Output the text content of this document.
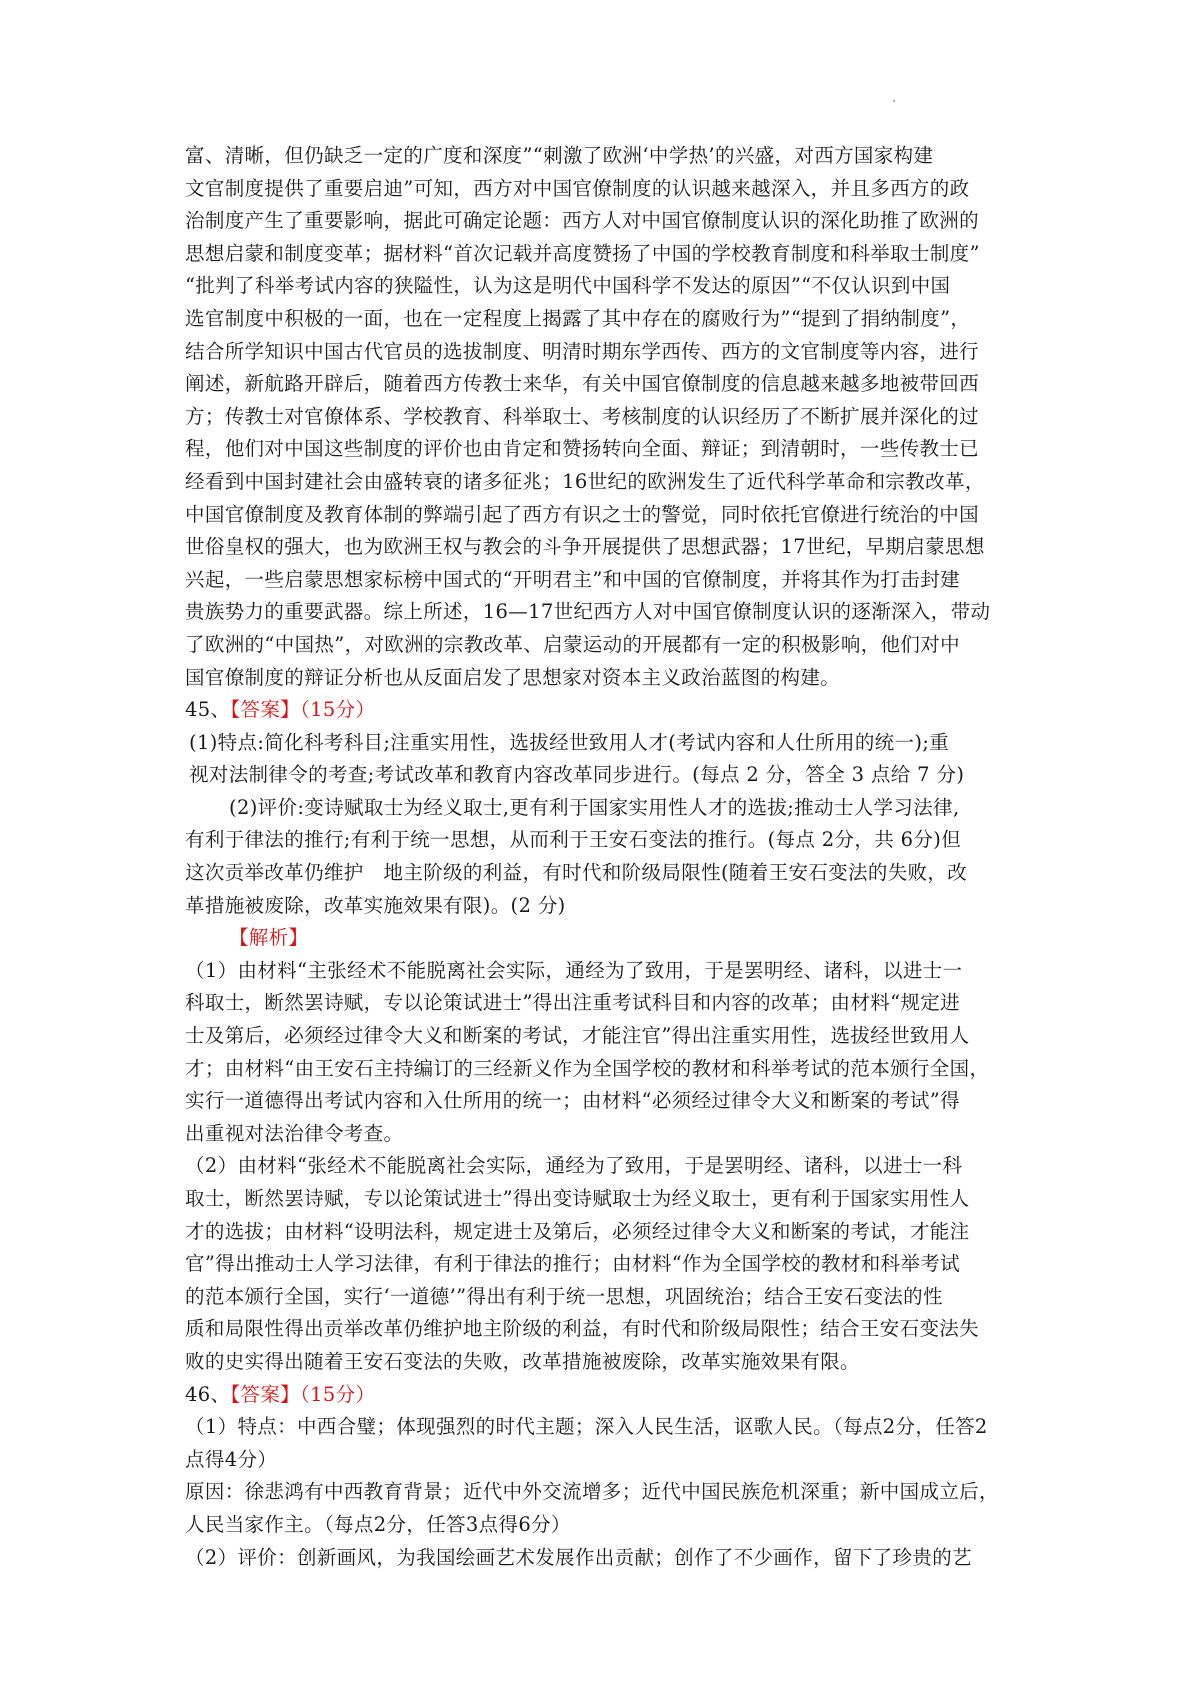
富、清晰，但仍缺乏一定的广度和深度”“刺激了欧洲‘中学热’的兴盛，对西方国家构建
文官制度提供了重要启迪”可知，西方对中国官僚制度的认识越来越深入，并且多西方的政
治制度产生了重要影响，据此可确定论题：西方人对中国官僚制度认识的深化助推了欧洲的
思想启蒙和制度变革；据材料“首次记载并高度赞扬了中国的学校教育制度和科举取士制度”
“批判了科举考试内容的狭隘性，认为这是明代中国科学不发达的原因”“不仅认识到中国
选官制度中积极的一面，也在一定程度上揭露了其中存在的腐败行为”“提到了捐纳制度”，
结合所学知识中国古代官员的选拔制度、明清时期东学西传、西方的文官制度等内容，进行
阐述，新航路开辟后，随着西方传教士来华，有关中国官僚制度的信息越来越多地被带回西
方；传教士对官僚体系、学校教育、科举取士、考核制度的认识经历了不断扩展并深化的过
程，他们对中国这些制度的评价也由肯定和赞扬转向全面、辩证；到清朝时，一些传教士已
经看到中国封建社会由盛转衰的诸多征兆；16世纪的欧洲发生了近代科学革命和宗教改革，
中国官僚制度及教育体制的弊端引起了西方有识之士的警觉，同时依托官僚进行统治的中国
世俗皇权的强大，也为欧洲王权与教会的斗争开展提供了思想武器；17世纪，早期启蒙思想
兴起，一些启蒙思想家标榜中国式的“开明君主”和中国的官僚制度，并将其作为打击封建
贵族势力的重要武器。综上所述，16—17世纪西方人对中国官僚制度认识的逐渐深入，带动
了欧洲的“中国热”，对欧洲的宗教改革、启蒙运动的开展都有一定的积极影响，他们对中
国官僚制度的辩证分析也从反面启发了思想家对资本主义政治蓝图的构建。
45、【答案】（15分）
(1)特点:简化科考科目;注重实用性，选拔经世致用人才(考试内容和人仕所用的统一);重
视对法制律令的考查;考试改革和教育内容改革同步进行。(每点 2 分，答全 3 点给 7 分)
(2)评价:变诗赋取士为经义取士,更有利于国家实用性人才的选拔;推动士人学习法律,
有利于律法的推行;有利于统一思想，从而利于王安石变法的推行。(每点 2分，共 6分)但
这次贡举改革仍维护　地主阶级的利益，有时代和阶级局限性(随着王安石变法的失败，改
革措施被废除，改革实施效果有限)。(2 分)
【解析】
（1）由材料“主张经术不能脱离社会实际，通经为了致用，于是罢明经、诸科，以进士一
科取士，断然罢诗赋，专以论策试进士”得出注重考试科目和内容的改革；由材料“规定进
士及第后，必须经过律令大义和断案的考试，才能注官”得出注重实用性，选拔经世致用人
才；由材料“由王安石主持编订的三经新义作为全国学校的教材和科举考试的范本颁行全国，
实行一道德得出考试内容和入仕所用的统一；由材料“必须经过律令大义和断案的考试”得
出重视对法治律令考查。
（2）由材料“张经术不能脱离社会实际，通经为了致用，于是罢明经、诸科，以进士一科
取士，断然罢诗赋，专以论策试进士”得出变诗赋取士为经义取士，更有利于国家实用性人
才的选拔；由材料“设明法科，规定进士及第后，必须经过律令大义和断案的考试，才能注
官”得出推动士人学习法律，有利于律法的推行；由材料“作为全国学校的教材和科举考试
的范本颁行全国，实行‘一道德’”得出有利于统一思想，巩固统治；结合王安石变法的性
质和局限性得出贡举改革仍维护地主阶级的利益，有时代和阶级局限性；结合王安石变法失
败的史实得出随着王安石变法的失败，改革措施被废除，改革实施效果有限。
46、【答案】（15分）
（1）特点：中西合璧；体现强烈的时代主题；深入人民生活，讴歌人民。（每点2分，任答2
点得4分）
原因：徐悲鸿有中西教育背景；近代中外交流增多；近代中国民族危机深重；新中国成立后，
人民当家作主。（每点2分，任答3点得6分）
（2）评价：创新画风，为我国绘画艺术发展作出贡献；创作了不少画作，留下了珍贵的艺
